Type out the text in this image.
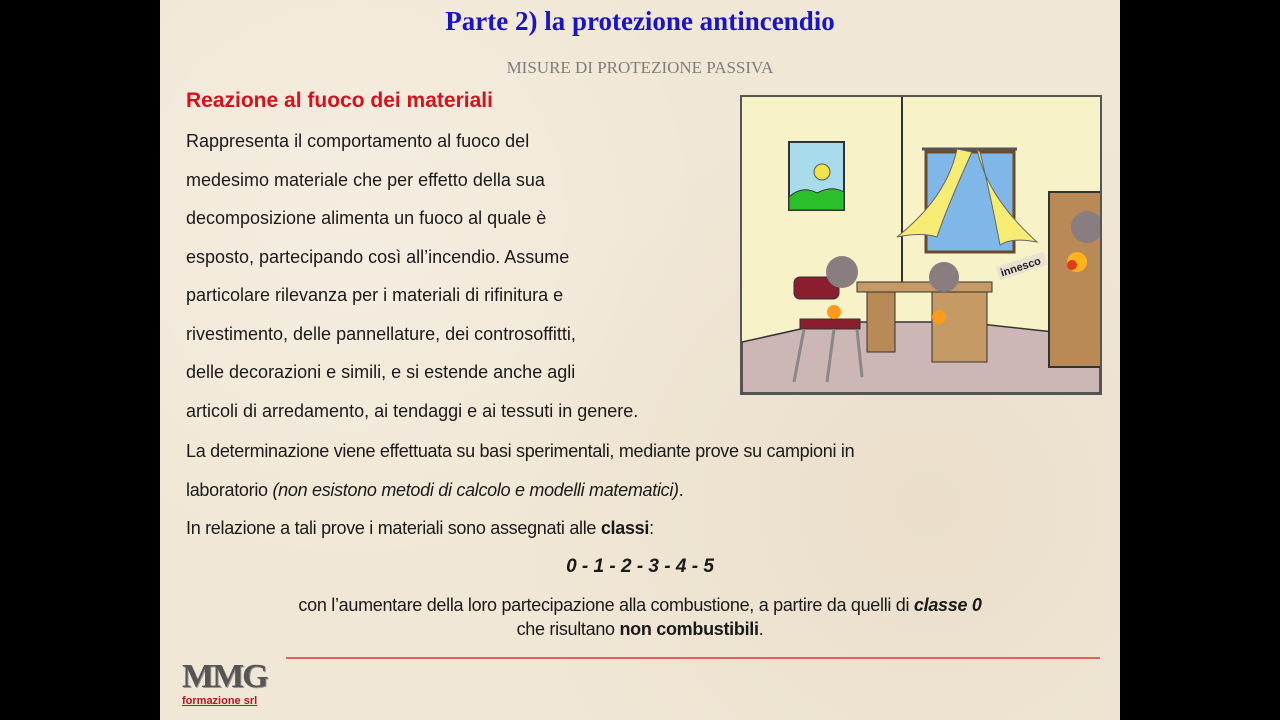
Parte 2) la protezione antincendio
MISURE DI PROTEZIONE PASSIVA
Reazione al fuoco dei materiali
Rappresenta il comportamento al fuoco del
medesimo materiale che per effetto della sua
decomposizione alimenta un fuoco al quale è
esposto, partecipando così all’incendio. Assume
particolare rilevanza per i materiali di rifinitura e
rivestimento, delle pannellature, dei controsoffitti,
delle decorazioni e simili, e si estende anche agli
articoli di arredamento, ai tendaggi e ai tessuti in genere.
La determinazione viene effettuata su basi sperimentali, mediante prove su campioni in
laboratorio (non esistono metodi di calcolo e modelli matematici).
In relazione a tali prove i materiali sono assegnati alle classi:
0 - 1 - 2 - 3 - 4 - 5
con l’aumentare della loro partecipazione alla combustione, a partire da quelli di classe 0
che risultano non combustibili.
innesco
MMG
formazione srl
